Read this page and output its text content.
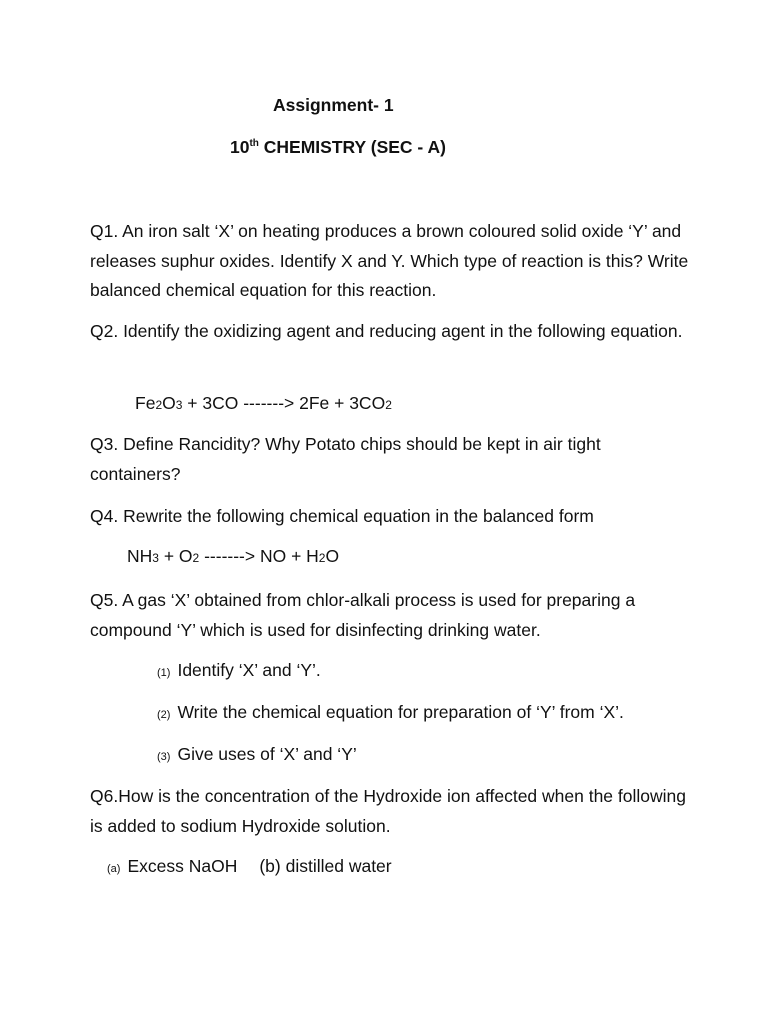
Assignment- 1
10th CHEMISTRY (SEC - A)
Q1. An iron salt ‘X’ on heating produces a brown coloured solid oxide ‘Y’ and releases suphur oxides. Identify X and Y. Which type of reaction is this? Write balanced chemical equation for this reaction.
Q2. Identify the oxidizing agent and reducing agent in the following equation.
Fe2O3 + 3CO -------> 2Fe + 3CO2
Q3. Define Rancidity? Why Potato chips should be kept in air tight containers?
Q4. Rewrite the following chemical equation in the balanced form
NH3 + O2 -------> NO + H2O
Q5. A gas ‘X’ obtained from chlor-alkali process is used for preparing a compound ‘Y’ which is used for disinfecting drinking water.
(1) Identify ‘X’ and ‘Y’.
(2) Write the chemical equation for preparation of ‘Y’ from ‘X’.
(3) Give uses of ‘X’ and ‘Y’
Q6.How is the concentration of the Hydroxide ion affected when the following is added to sodium Hydroxide solution.
(a) Excess NaOH (b) distilled water
